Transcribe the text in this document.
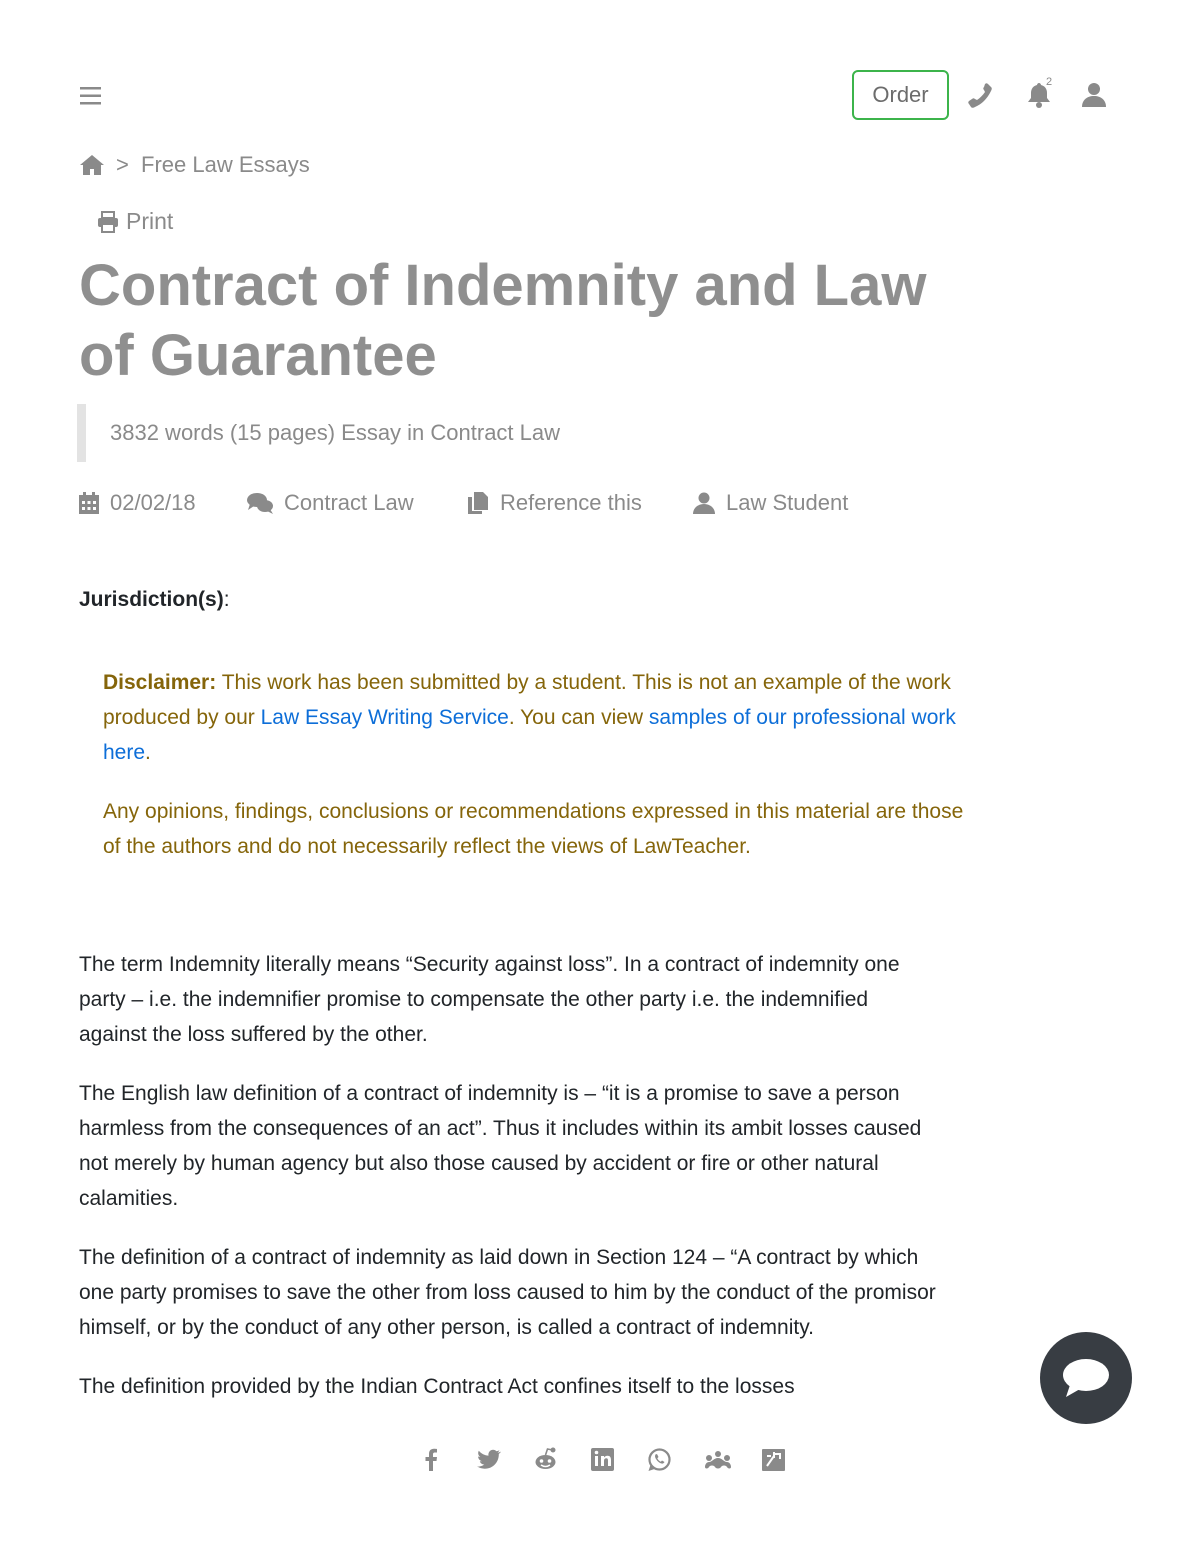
Order	2
> Free Law Essays
Print
Contract of Indemnity and Law of Guarantee
3832 words (15 pages) Essay in Contract Law
02/02/18	Contract Law	Reference this	Law Student
Jurisdiction(s):

Disclaimer: This work has been submitted by a student. This is not an example of the work produced by our Law Essay Writing Service. You can view samples of our professional work here.

Any opinions, findings, conclusions or recommendations expressed in this material are those of the authors and do not necessarily reflect the views of LawTeacher.

The term Indemnity literally means “Security against loss”. In a contract of indemnity one party – i.e. the indemnifier promise to compensate the other party i.e. the indemnified against the loss suffered by the other.

The English law definition of a contract of indemnity is – “it is a promise to save a person harmless from the consequences of an act”. Thus it includes within its ambit losses caused not merely by human agency but also those caused by accident or fire or other natural calamities.

The definition of a contract of indemnity as laid down in Section 124 – “A contract by which one party promises to save the other from loss caused to him by the conduct of the promisor himself, or by the conduct of any other person, is called a contract of indemnity.

The definition provided by the Indian Contract Act confines itself to the losses
